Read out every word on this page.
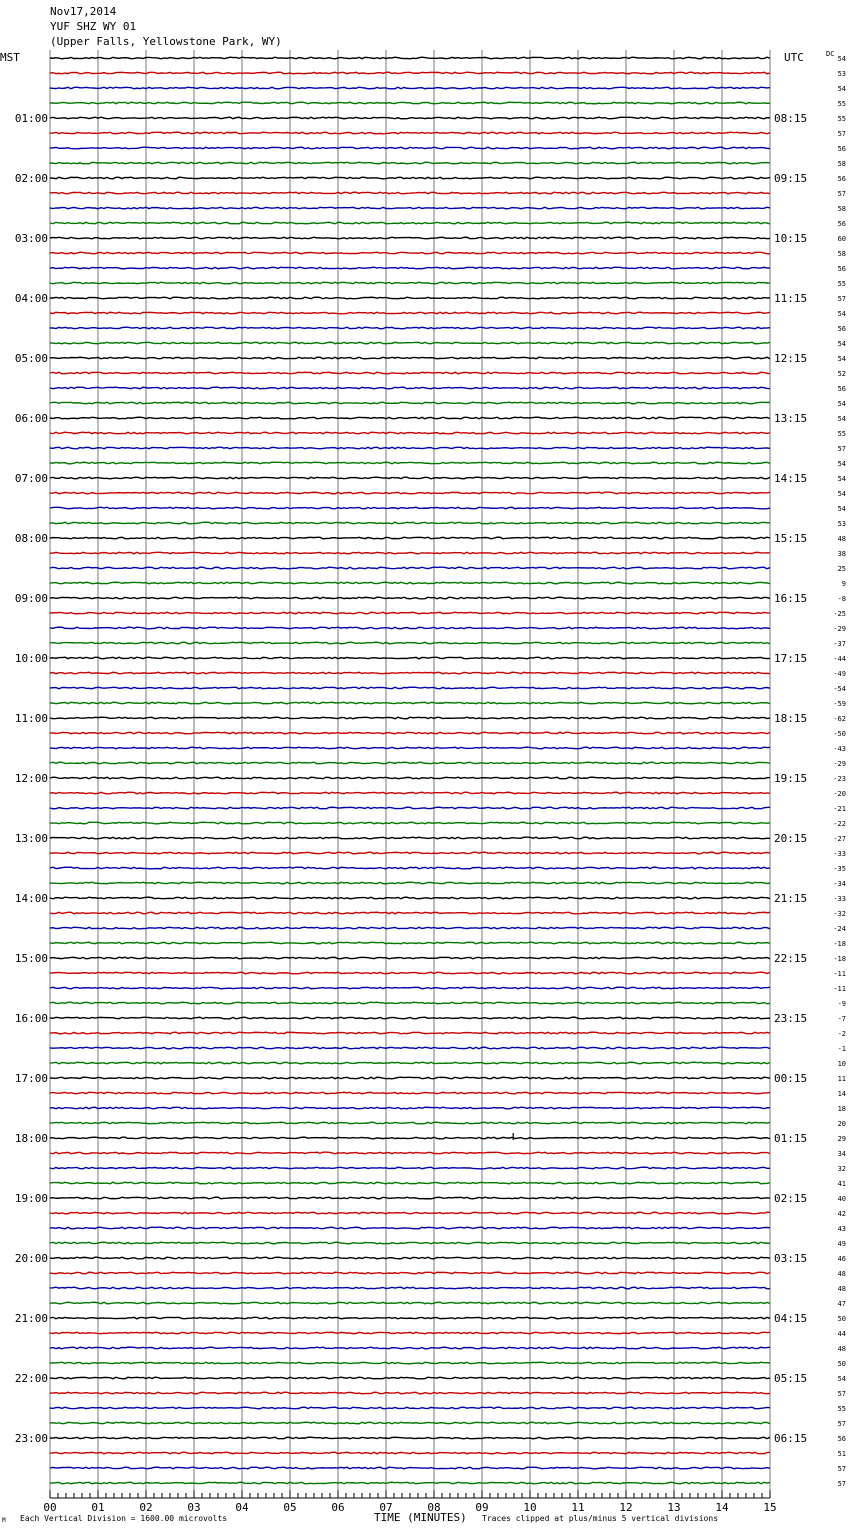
Nov17,2014
YUF SHZ WY 01
(Upper Falls, Yellowstone Park, WY)
MST	UTC	DC
54
53
54
55
55
57
56
58
56
57
58
56
60
58
56
55
57
54
56
54
54
52
56
54
54
55
57
54
54
54
54
53
48
38
25
9
-8
-25
-29
-37
-44
-49
-54
-59
-62
-50
-43
-29
-23
-20
-21
-22
-27
-33
-35
-34
-33
-32
-24
-18
-18
-11
-11
-9
-7
-2
-1
10
11
14
18
20
29
34
32
41
40
42
43
49
46
48
48
47
50
44
48
50
54
57
55
57
56
51
57
57
01:00
02:00
03:00
04:00
05:00
06:00
07:00
08:00
09:00
10:00
11:00
12:00
13:00
14:00
15:00
16:00
17:00
18:00
19:00
20:00
21:00
22:00
23:00
08:15
09:15
10:15
11:15
12:15
13:15
14:15
15:15
16:15
17:15
18:15
19:15
20:15
21:15
22:15
23:15
00:15
01:15
02:15
03:15
04:15
05:15
06:15
00	01	02	03	04	05	06	07	08	09	10	11	12	13	14	15
M Each Vertical Division = 1600.00 microvolts	TIME (MINUTES) Traces clipped at plus/minus 5 vertical divisions
